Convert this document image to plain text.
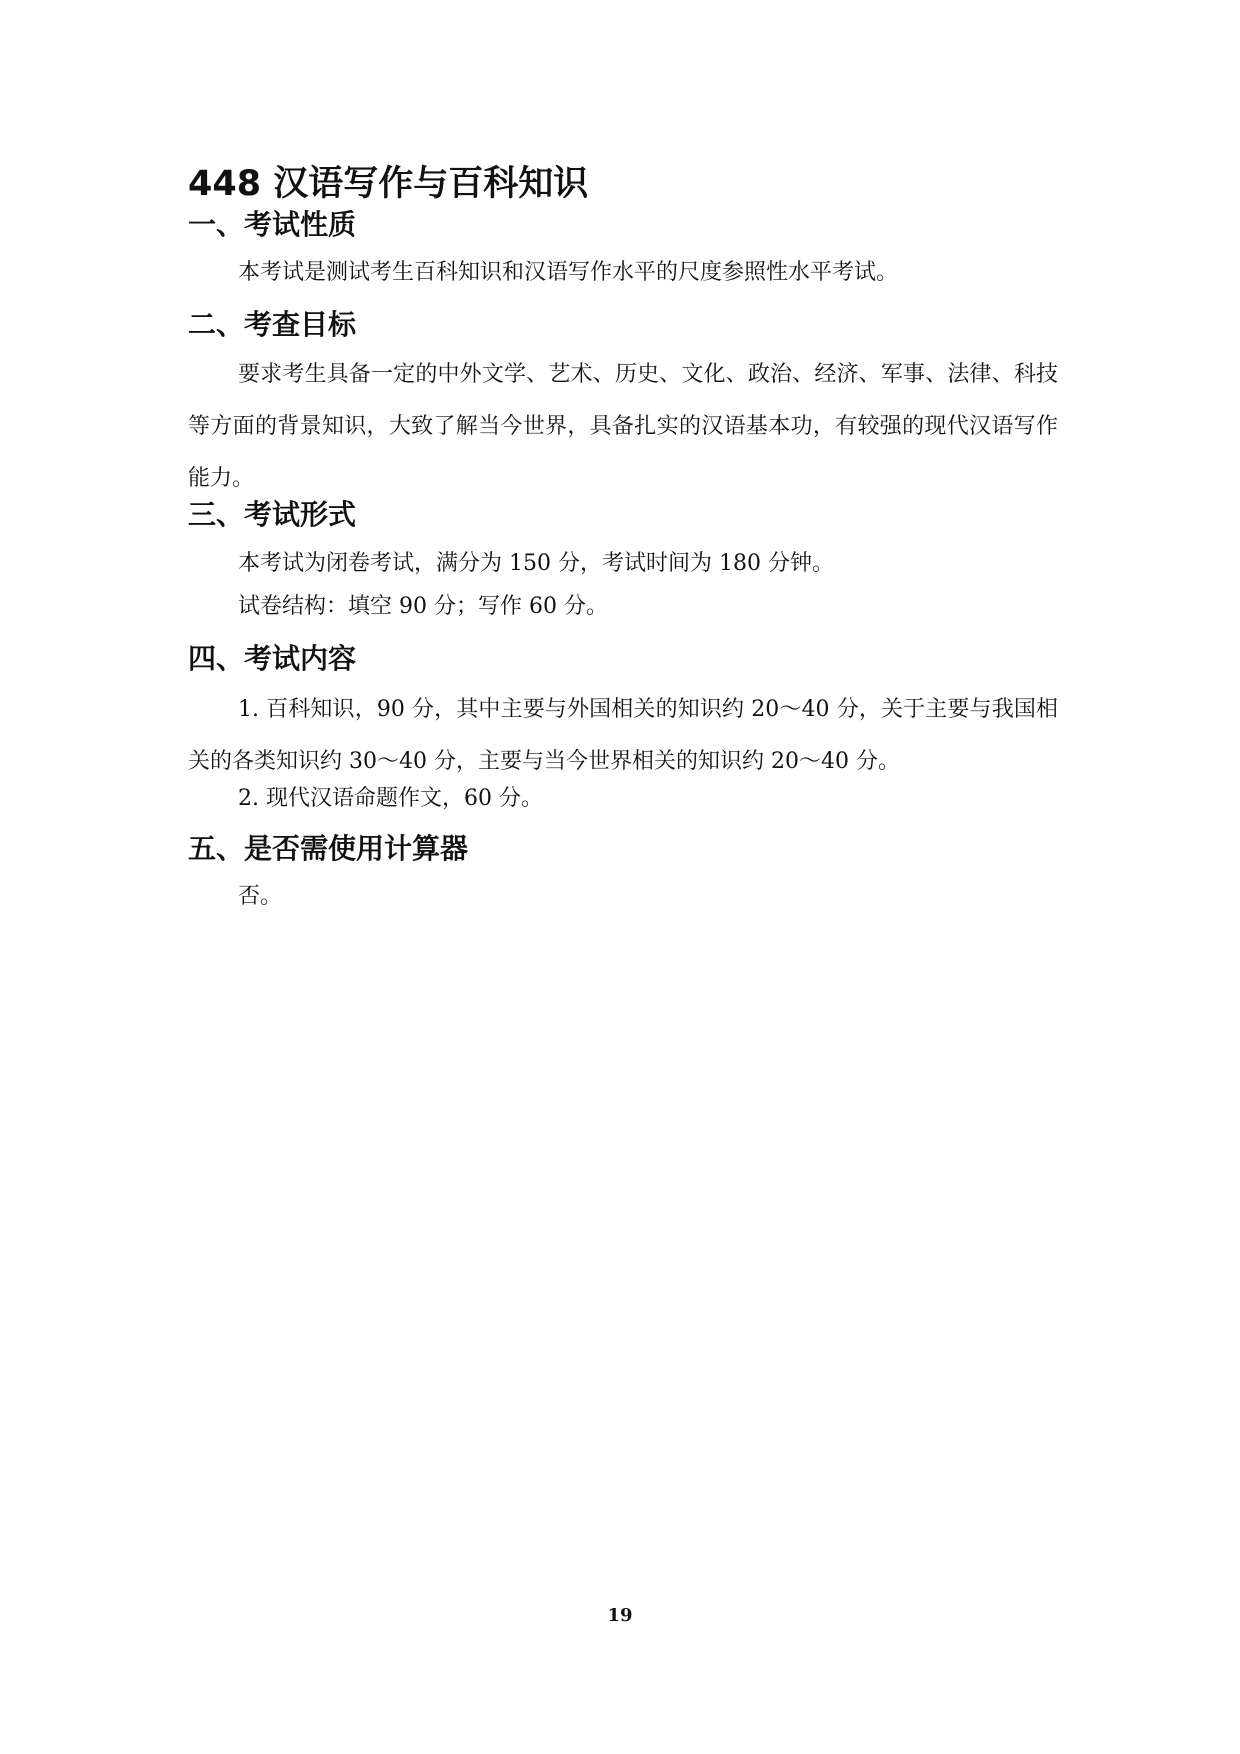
448 汉语写作与百科知识
一、考试性质
本考试是测试考生百科知识和汉语写作水平的尺度参照性水平考试。
二、考查目标
要求考生具备一定的中外文学、艺术、历史、文化、政治、经济、军事、法律、科技等方面的背景知识，大致了解当今世界，具备扎实的汉语基本功，有较强的现代汉语写作能力。
三、考试形式
本考试为闭卷考试，满分为 150 分，考试时间为 180 分钟。
试卷结构：填空 90 分；写作 60 分。
四、考试内容
1. 百科知识，90 分，其中主要与外国相关的知识约 20～40 分，关于主要与我国相关的各类知识约 30～40 分，主要与当今世界相关的知识约 20～40 分。
2. 现代汉语命题作文，60 分。
五、是否需使用计算器
否。
19
